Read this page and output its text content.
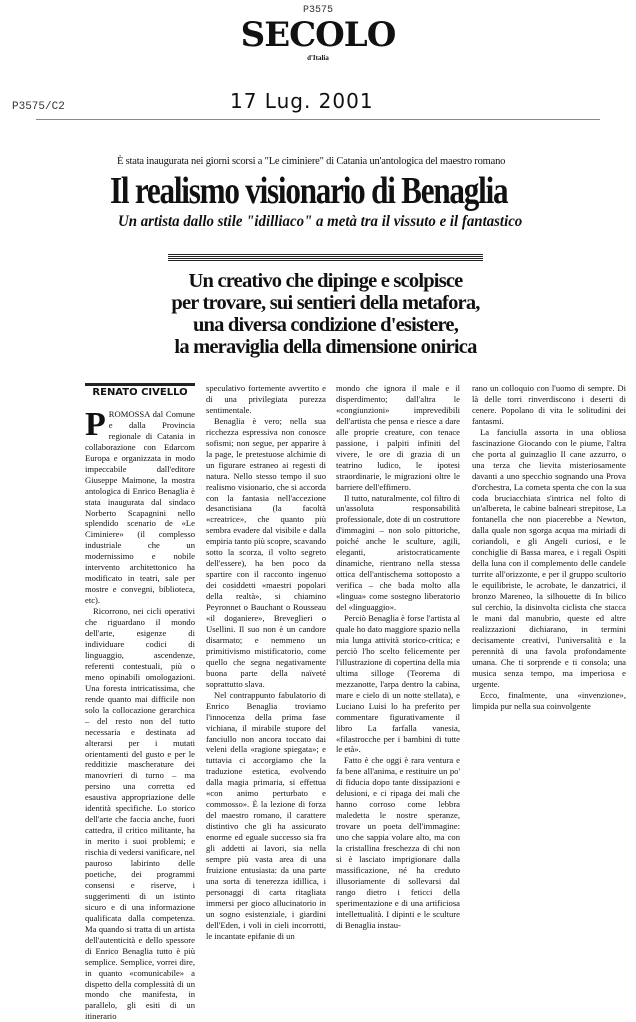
P3575
SECOLO
d'Italia
P3575/C2	17 Lug. 2001
È stata inaugurata nei giorni scorsi a "Le ciminiere" di Catania un'antologica del maestro romano
Il realismo visionario di Benaglia
Un artista dallo stile "idilliaco" a metà tra il vissuto e il fantastico
Un creativo che dipinge e scolpisce
per trovare, sui sentieri della metafora,
una diversa condizione d'esistere,
la meraviglia della dimensione onirica
RENATO CIVELLO

PROMOSSA dal Comune e dalla Provincia regionale di Catania in collaborazione con Edarcom Europa e organizzata in modo impeccabile dall'editore Giuseppe Maimone, la mostra antologica di Enrico Benaglia è stata inaugurata dal sindaco Norberto Scapagnini nello splendido scenario de «Le Ciminiere» (il complesso industriale che un modernissimo e nobile intervento architettonico ha modificato in teatri, sale per mostre e convegni, biblioteca, etc).

Ricorrono, nei cicli operativi che riguardano il mondo dell'arte, esigenze di individuare codici di linguaggio, ascendenze, referenti contestuali, più o meno opinabili omologazioni. Una foresta intricatissima, che rende quanto mai difficile non solo la collocazione gerarchica – del resto non del tutto necessaria e destinata ad alterarsi per i mutati orientamenti del gusto e per le redditizie mascherature dei manovrieri di turno – ma persino una corretta ed esaustiva appropriazione delle identità specifiche. Lo storico dell'arte che faccia anche, fuori cattedra, il critico militante, ha in merito i suoi problemi; e rischia di vedersi vanificare, nel pauroso labirinto delle poetiche, dei programmi consensi e riserve, i suggerimenti di un istinto sicuro e di una informazione qualificata dalla competenza. Ma quando si tratta di un artista dell'autenticità e dello spessore di Enrico Benaglia tutto è più semplice. Semplice, vorrei dire, in quanto «comunicabile» a dispetto della complessità di un mondo che manifesta, in parallelo, gli esiti di un itinerario

speculativo fortemente avvertito e di una privilegiata purezza sentimentale.

Benaglia è vero; nella sua ricchezza espressiva non conosce sofismi; non segue, per apparire à la page, le pretestuose alchimie di un figurare estraneo ai regesti di natura. Nello stesso tempo il suo realismo visionario, che si accorda con la fantasia nell'accezione desanctisiana (la facoltà «creatrice», che quanto più sembra evadere dal visibile e dalla empiria tanto più scopre, scavando sotto la scorza, il volto segreto dell'essere), ha ben poco da spartire con il racconto ingenuo dei cosiddetti «maestri popolari della realtà», si chiamino Peyronnet o Bauchant o Rousseau «il doganiere», Breveglieri o Usellini. Il suo non è un candore disarmato; e nemmeno un primitivismo mistificatorio, come quello che segna negativamente buona parte della naïveté soprattutto slava.

Nel contrappunto fabulatorio di Enrico Benaglia troviamo l'innocenza della prima fase vichiana, il mirabile stupore del fanciullo non ancora toccato dai veleni della «ragione spiegata»; e tuttavia ci accorgiamo che la traduzione estetica, evolvendo dalla magia primaria, si effettua «con animo perturbato e commosso». È la lezione di forza del maestro romano, il carattere distintivo che gli ha assicurato enorme ed eguale successo sia fra gli addetti ai lavori, sia nella sempre più vasta area di una fruizione entusiasta: da una parte una sorta di tenerezza idillica, i personaggi di carta ritagliata immersi per gioco allucinatorio in un sogno esistenziale, i giardini dell'Eden, i voli in cieli incorrotti, le incantate epifanie di un

mondo che ignora il male e il disperdimento; dall'altra le «congiunzioni» imprevedibili dell'artista che pensa e riesce a dare alle proprie creature, con tenace passione, i palpiti infiniti del vivere, le ore di grazia di un teatrino ludico, le ipotesi straordinarie, le migrazioni oltre le barriere dell'effimero.

Il tutto, naturalmente, col filtro di un'assoluta responsabilità professionale, dote di un costruttore d'immagini – non solo pittoriche, poiché anche le sculture, agili, eleganti, aristocraticamente dinamiche, rientrano nella stessa ottica dell'antischema sottoposto a verifica – che bada molto alla «lingua» come sostegno liberatorio del «linguaggio».

Perciò Benaglia è forse l'artista al quale ho dato maggiore spazio nella mia lunga attività storico-critica; e perciò l'ho scelto felicemente per l'illustrazione di copertina della mia ultima silloge (Teorema di mezzanotte, l'arpa dentro la cabina, mare e cielo di un notte stellata), e Luciano Luisi lo ha preferito per commentare figurativamente il libro La farfalla vanesia, «filastrocche per i bambini di tutte le età».

Fatto è che oggi è rara ventura e fa bene all'anima, e restituire un po' di fiducia dopo tante dissipazioni e delusioni, e ci ripaga dei mali che hanno corroso come lebbra maledetta le nostre speranze, trovare un poeta dell'immagine: uno che sappia volare alto, ma con la cristallina freschezza di chi non si è lasciato imprigionare dalla massificazione, né ha creduto illusoriamente di sollevarsi dal rango dietro i feticci della sperimentazione e di una artificiosa intellettualità. I dipinti e le sculture di Benaglia instau-

rano un colloquio con l'uomo di sempre. Di là delle torri rinverdiscono i deserti di cenere. Popolano di vita le solitudini dei fantasmi.

La fanciulla assorta in una obliosa fascinazione Giocando con le piume, l'altra che porta al guinzaglio Il cane azzurro, o una terza che lievita misteriosamente davanti a uno specchio sognando una Prova d'orchestra, La cometa spenta che con la sua coda bruciacchiata s'intrica nel folto di un'albereta, le cabine balneari strepitose, La fontanella che non piacerebbe a Newton, dalla quale non sgorga acqua ma miriadi di coriandoli, e gli Angeli curiosi, e le conchiglie di Bassa marea, e i regali Ospiti della luna con il complemento delle candele turrite all'orizzonte, e per il gruppo scultorio le equilibriste, le acrobate, le danzatrici, il bronzo Mareneo, la silhouette di In bilico sul cerchio, la disinvolta ciclista che stacca le mani dal manubrio, queste ed altre realizzazioni dichiarano, in termini decisamente creativi, l'universalità e la perennità di una favola profondamente umana. Che ti sorprende e ti consola; una musica senza tempo, ma imperiosa e urgente.

Ecco, finalmente, una «invenzione», limpida pur nella sua coinvolgente
